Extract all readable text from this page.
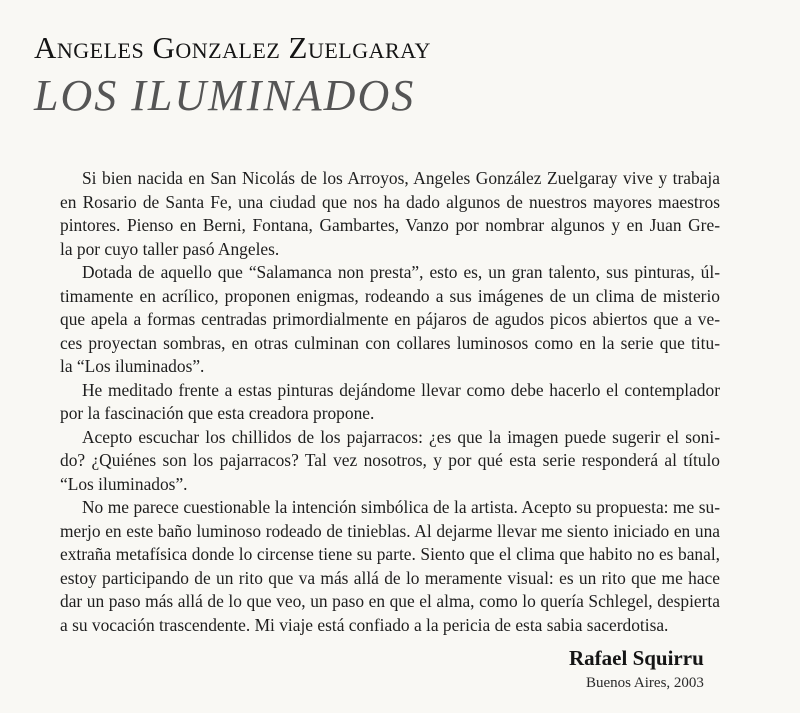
Angeles Gonzalez Zuelgaray
LOS ILUMINADOS

Si bien nacida en San Nicolás de los Arroyos, Angeles González Zuelgaray vive y trabaja
en Rosario de Santa Fe, una ciudad que nos ha dado algunos de nuestros mayores maestros
pintores. Pienso en Berni, Fontana, Gambartes, Vanzo por nombrar algunos y en Juan Gre-
la por cuyo taller pasó Angeles.

Dotada de aquello que “Salamanca non presta”, esto es, un gran talento, sus pinturas, úl-
timamente en acrílico, proponen enigmas, rodeando a sus imágenes de un clima de misterio
que apela a formas centradas primordialmente en pájaros de agudos picos abiertos que a ve-
ces proyectan sombras, en otras culminan con collares luminosos como en la serie que titu-
la “Los iluminados”.

He meditado frente a estas pinturas dejándome llevar como debe hacerlo el contemplador
por la fascinación que esta creadora propone.

Acepto escuchar los chillidos de los pajarracos: ¿es que la imagen puede sugerir el soni-
do? ¿Quiénes son los pajarracos? Tal vez nosotros, y por qué esta serie responderá al título
“Los iluminados”.

No me parece cuestionable la intención simbólica de la artista. Acepto su propuesta: me su-
merjo en este baño luminoso rodeado de tinieblas. Al dejarme llevar me siento iniciado en una
extraña metafísica donde lo circense tiene su parte. Siento que el clima que habito no es banal,
estoy participando de un rito que va más allá de lo meramente visual: es un rito que me hace
dar un paso más allá de lo que veo, un paso en que el alma, como lo quería Schlegel, despierta
a su vocación trascendente. Mi viaje está confiado a la pericia de esta sabia sacerdotisa.

Rafael Squirru
Buenos Aires, 2003
